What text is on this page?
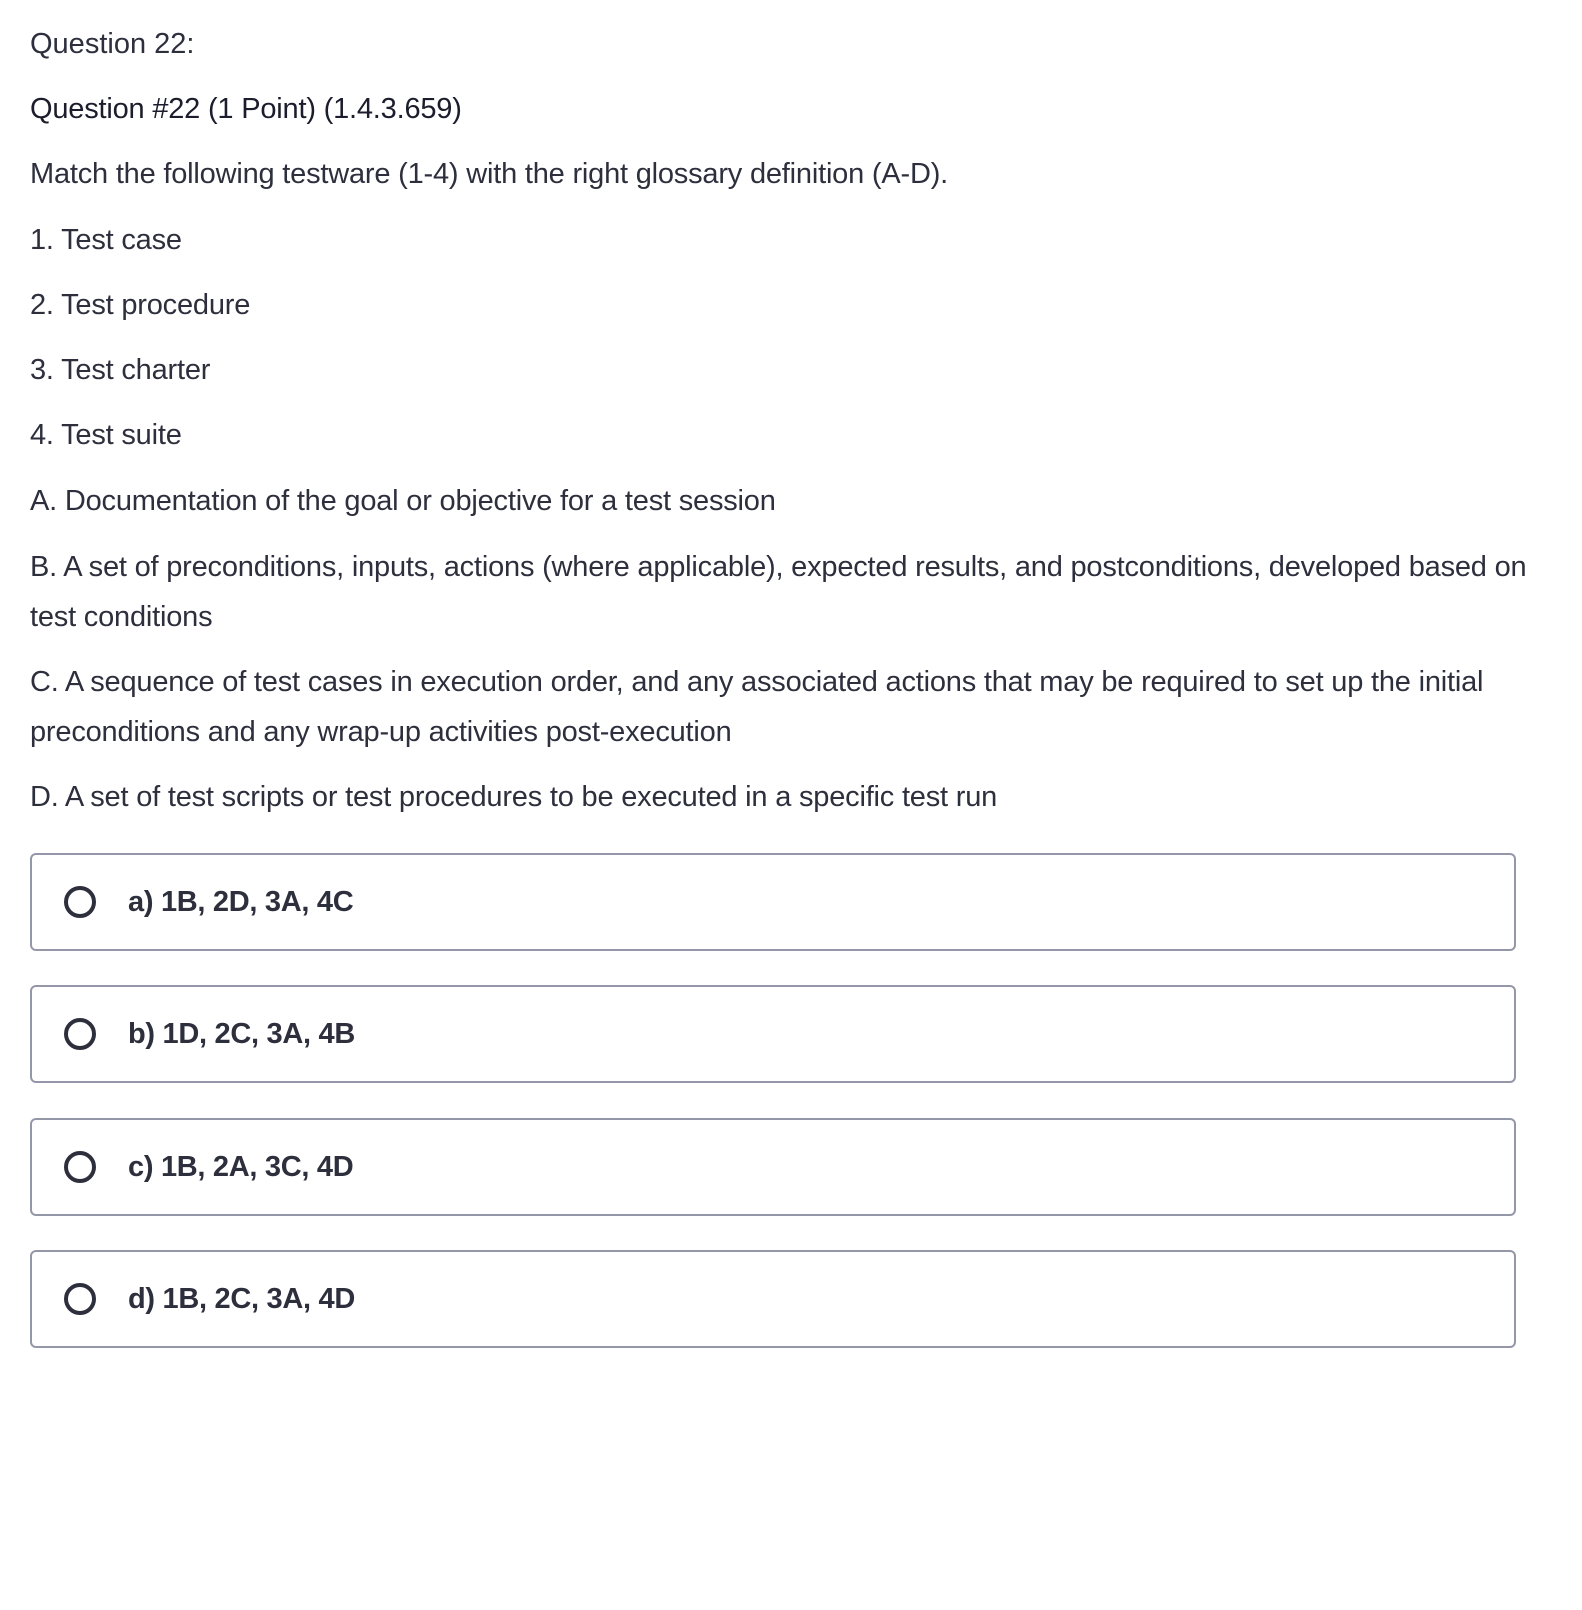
Question 22:

Question #22 (1 Point) (1.4.3.659)

Match the following testware (1-4) with the right glossary definition (A-D).

1. Test case

2. Test procedure

3. Test charter

4. Test suite

A. Documentation of the goal or objective for a test session

B. A set of preconditions, inputs, actions (where applicable), expected results, and postconditions, developed based on test conditions

C. A sequence of test cases in execution order, and any associated actions that may be required to set up the initial preconditions and any wrap-up activities post-execution

D. A set of test scripts or test procedures to be executed in a specific test run

a) 1B, 2D, 3A, 4C
b) 1D, 2C, 3A, 4B
c) 1B, 2A, 3C, 4D
d) 1B, 2C, 3A, 4D
